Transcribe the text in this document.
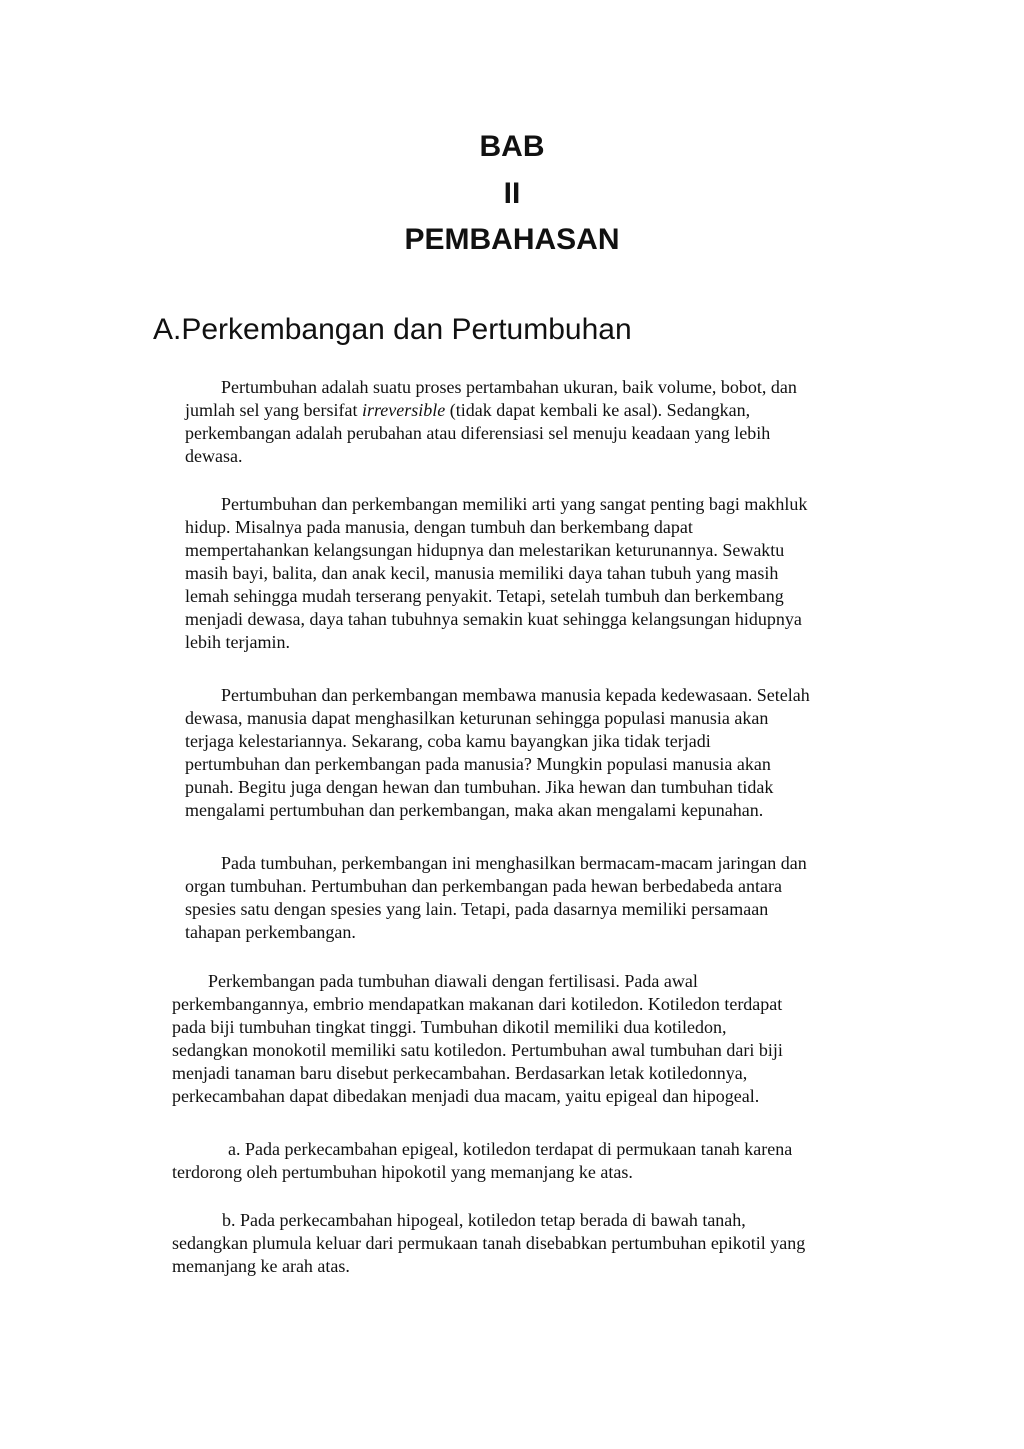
BAB
II
PEMBAHASAN
A.Perkembangan dan Pertumbuhan
Pertumbuhan adalah suatu proses pertambahan ukuran, baik volume, bobot, dan
jumlah sel yang bersifat irreversible (tidak dapat kembali ke asal). Sedangkan,
perkembangan adalah perubahan atau diferensiasi sel menuju keadaan yang lebih
dewasa.
Pertumbuhan dan perkembangan memiliki arti yang sangat penting bagi makhluk
hidup. Misalnya pada manusia, dengan tumbuh dan berkembang dapat
mempertahankan kelangsungan hidupnya dan melestarikan keturunannya. Sewaktu
masih bayi, balita, dan anak kecil, manusia memiliki daya tahan tubuh yang masih
lemah sehingga mudah terserang penyakit. Tetapi, setelah tumbuh dan berkembang
menjadi dewasa, daya tahan tubuhnya semakin kuat sehingga kelangsungan hidupnya
lebih terjamin.
Pertumbuhan dan perkembangan membawa manusia kepada kedewasaan. Setelah
dewasa, manusia dapat menghasilkan keturunan sehingga populasi manusia akan
terjaga kelestariannya. Sekarang, coba kamu bayangkan jika tidak terjadi
pertumbuhan dan perkembangan pada manusia? Mungkin populasi manusia akan
punah. Begitu juga dengan hewan dan tumbuhan. Jika hewan dan tumbuhan tidak
mengalami pertumbuhan dan perkembangan, maka akan mengalami kepunahan.
Pada tumbuhan, perkembangan ini menghasilkan bermacam-macam jaringan dan
organ tumbuhan. Pertumbuhan dan perkembangan pada hewan berbedabeda antara
spesies satu dengan spesies yang lain. Tetapi, pada dasarnya memiliki persamaan
tahapan perkembangan.
Perkembangan pada tumbuhan diawali dengan fertilisasi. Pada awal
perkembangannya, embrio mendapatkan makanan dari kotiledon. Kotiledon terdapat
pada biji tumbuhan tingkat tinggi. Tumbuhan dikotil memiliki dua kotiledon,
sedangkan monokotil memiliki satu kotiledon. Pertumbuhan awal tumbuhan dari biji
menjadi tanaman baru disebut perkecambahan. Berdasarkan letak kotiledonnya,
perkecambahan dapat dibedakan menjadi dua macam, yaitu epigeal dan hipogeal.
a. Pada perkecambahan epigeal, kotiledon terdapat di permukaan tanah karena
terdorong oleh pertumbuhan hipokotil yang memanjang ke atas.
b. Pada perkecambahan hipogeal, kotiledon tetap berada di bawah tanah,
sedangkan plumula keluar dari permukaan tanah disebabkan pertumbuhan epikotil yang
memanjang ke arah atas.
